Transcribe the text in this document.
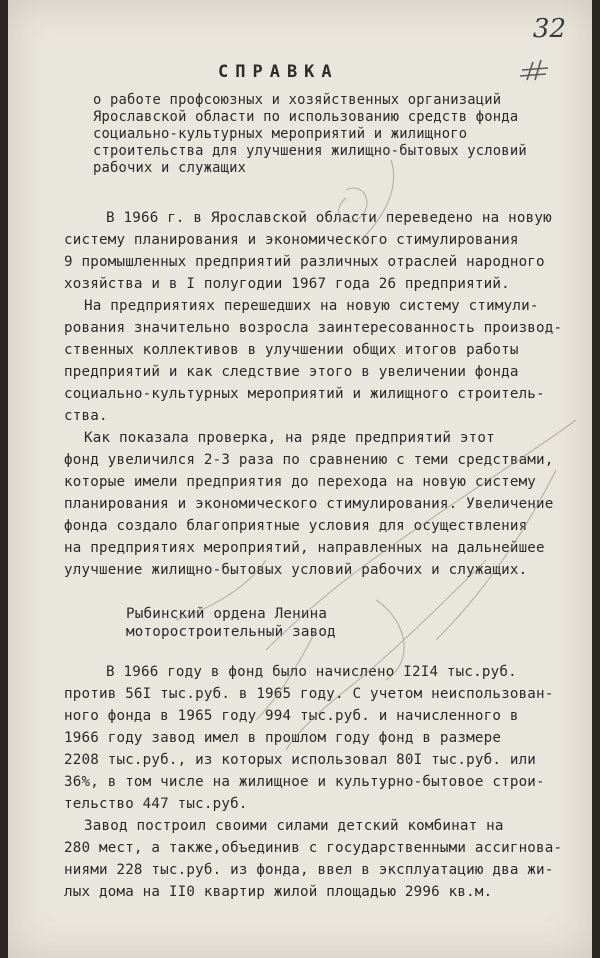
32
СПРАВКА
о работе профсоюзных и хозяйственных организаций
Ярославской области по использованию средств фонда
социально-культурных мероприятий и жилищного
строительства для улучшения жилищно-бытовых условий
рабочих и служащих
В 1966 г. в Ярославской области переведено на новую
систему планирования и экономического стимулирования
9 промышленных предприятий различных отраслей народного
хозяйства и в I полугодии 1967 года 26 предприятий.
На предприятиях перешедших на новую систему стимули-
рования значительно возросла заинтересованность производ-
ственных коллективов в улучшении общих итогов работы
предприятий и как следствие этого в увеличении фонда
социально-культурных мероприятий и жилищного строитель-
ства.
Как показала проверка, на ряде предприятий этот
фонд увеличился 2-3 раза по сравнению с теми средствами,
которые имели предприятия до перехода на новую систему
планирования и экономического стимулирования. Увеличение
фонда создало благоприятные условия для осуществления
на предприятиях мероприятий, направленных на дальнейшее
улучшение жилищно-бытовых условий рабочих и служащих.
Рыбинский ордена Ленина
моторостроительный завод
В 1966 году в фонд было начислено I2I4 тыс.руб.
против 56I тыс.руб. в 1965 году. С учетом неиспользован-
ного фонда в 1965 году 994 тыс.руб. и начисленного в
1966 году завод имел в прошлом году фонд в размере
2208 тыс.руб., из которых использовал 80I тыс.руб. или
36%, в том числе на жилищное и культурно-бытовое строи-
тельство 447 тыс.руб.
Завод построил своими силами детский комбинат на
280 мест, а также,объединив с государственными ассигнова-
ниями 228 тыс.руб. из фонда, ввел в эксплуатацию два жи-
лых дома на II0 квартир жилой площадью 2996 кв.м.
